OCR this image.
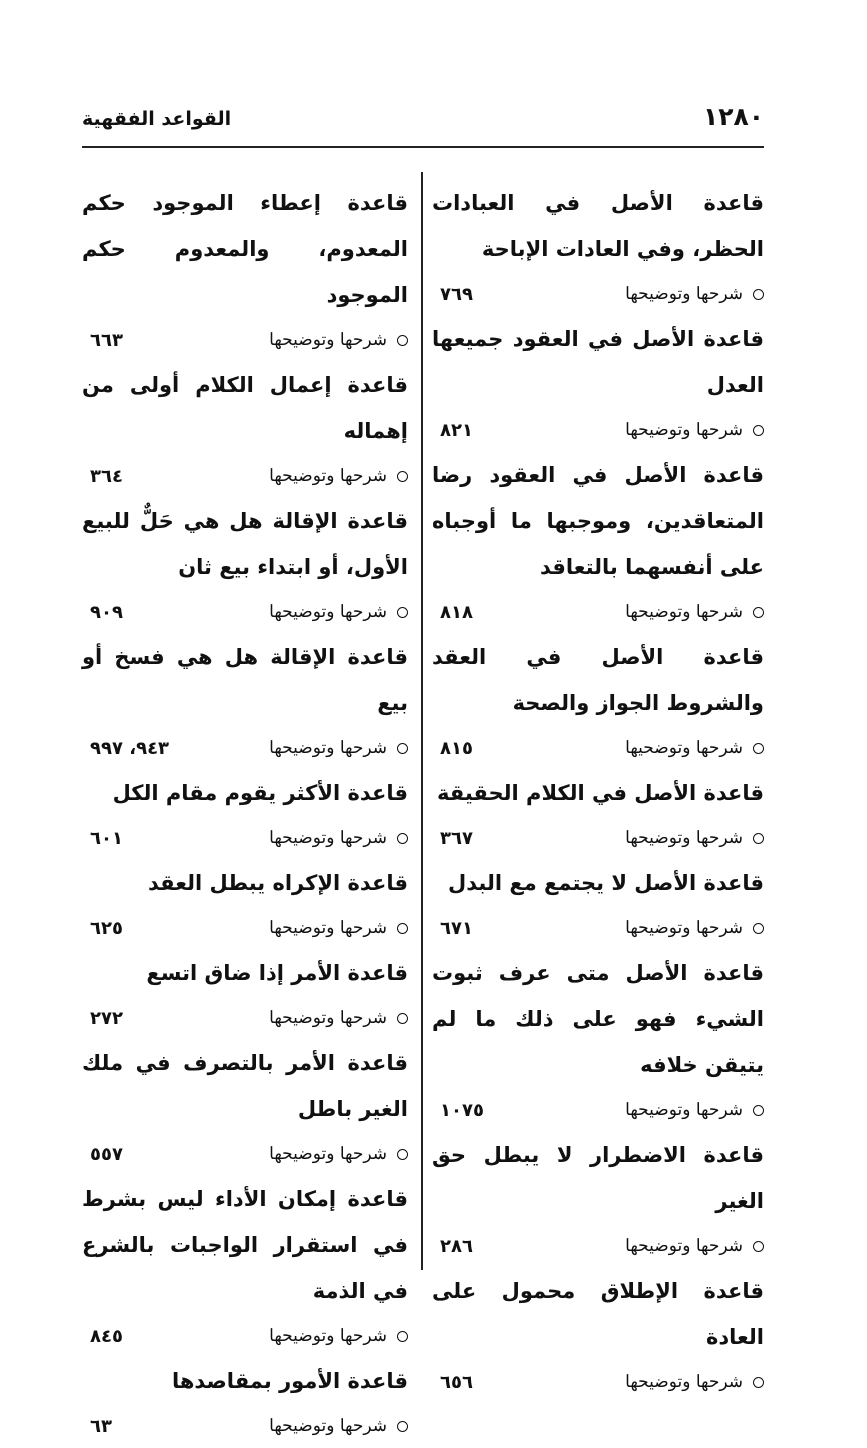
١٢٨٠
القواعد الفقهية
قاعدة الأصل في العبادات الحظر، وفي العادات الإباحة
شرحها وتوضيحها
٧٦٩
قاعدة الأصل في العقود جميعها العدل
شرحها وتوضيحها
٨٢١
قاعدة الأصل في العقود رضا المتعاقدين، وموجبها ما أوجباه على أنفسهما بالتعاقد
شرحها وتوضيحها
٨١٨
قاعدة الأصل في العقد والشروط الجواز والصحة
شرحها وتوضحيها
٨١٥
قاعدة الأصل في الكلام الحقيقة
شرحها وتوضيحها
٣٦٧
قاعدة الأصل لا يجتمع مع البدل
شرحها وتوضيحها
٦٧١
قاعدة الأصل متى عرف ثبوت الشيء فهو على ذلك ما لم يتيقن خلافه
شرحها وتوضيحها
١٠٧٥
قاعدة الاضطرار لا يبطل حق الغير
شرحها وتوضيحها
٢٨٦
قاعدة الإطلاق محمول على العادة
شرحها وتوضيحها
٦٥٦
قاعدة إعطاء الموجود حكم المعدوم، والمعدوم حكم الموجود
شرحها وتوضيحها
٦٦٣
قاعدة إعمال الكلام أولى من إهماله
شرحها وتوضيحها
٣٦٤
قاعدة الإقالة هل هي حَلٌّ للبيع الأول، أو ابتداء بيع ثان
شرحها وتوضيحها
٩٠٩
قاعدة الإقالة هل هي فسخ أو بيع
شرحها وتوضيحها
٩٤٣، ٩٩٧
قاعدة الأكثر يقوم مقام الكل
شرحها وتوضيحها
٦٠١
قاعدة الإكراه يبطل العقد
شرحها وتوضيحها
٦٢٥
قاعدة الأمر إذا ضاق اتسع
شرحها وتوضيحها
٢٧٢
قاعدة الأمر بالتصرف في ملك الغير باطل
شرحها وتوضيحها
٥٥٧
قاعدة إمكان الأداء ليس بشرط في استقرار الواجبات بالشرع في الذمة
شرحها وتوضيحها
٨٤٥
قاعدة الأمور بمقاصدها
شرحها وتوضيحها
٦٣
